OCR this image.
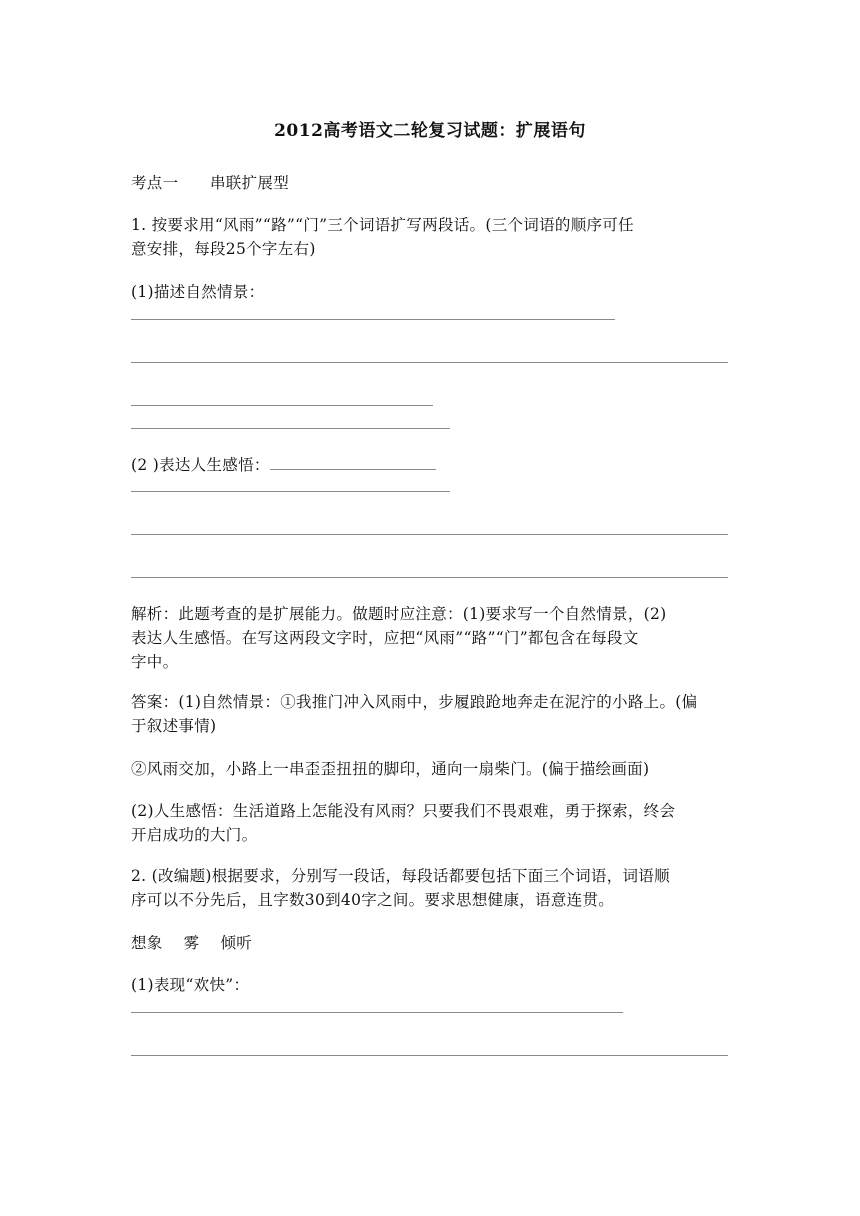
2012高考语文二轮复习试题：扩展语句
考点一　　串联扩展型
1. 按要求用“风雨”“路”“门”三个词语扩写两段话。(三个词语的顺序可任
意安排，每段25个字左右)
(1)描述自然情景：
(2 )表达人生感悟：
解析：此题考查的是扩展能力。做题时应注意：(1)要求写一个自然情景，(2)
表达人生感悟。在写这两段文字时，应把“风雨”“路”“门”都包含在每段文
字中。
答案：(1)自然情景：①我推门冲入风雨中，步履踉跄地奔走在泥泞的小路上。(偏
于叙述事情)
②风雨交加，小路上一串歪歪扭扭的脚印，通向一扇柴门。(偏于描绘画面)
(2)人生感悟：生活道路上怎能没有风雨？只要我们不畏艰难，勇于探索，终会
开启成功的大门。
2. (改编题)根据要求，分别写一段话，每段话都要包括下面三个词语，词语顺
序可以不分先后，且字数30到40字之间。要求思想健康，语意连贯。
想象　 雾　 倾听
(1)表现“欢快”：
